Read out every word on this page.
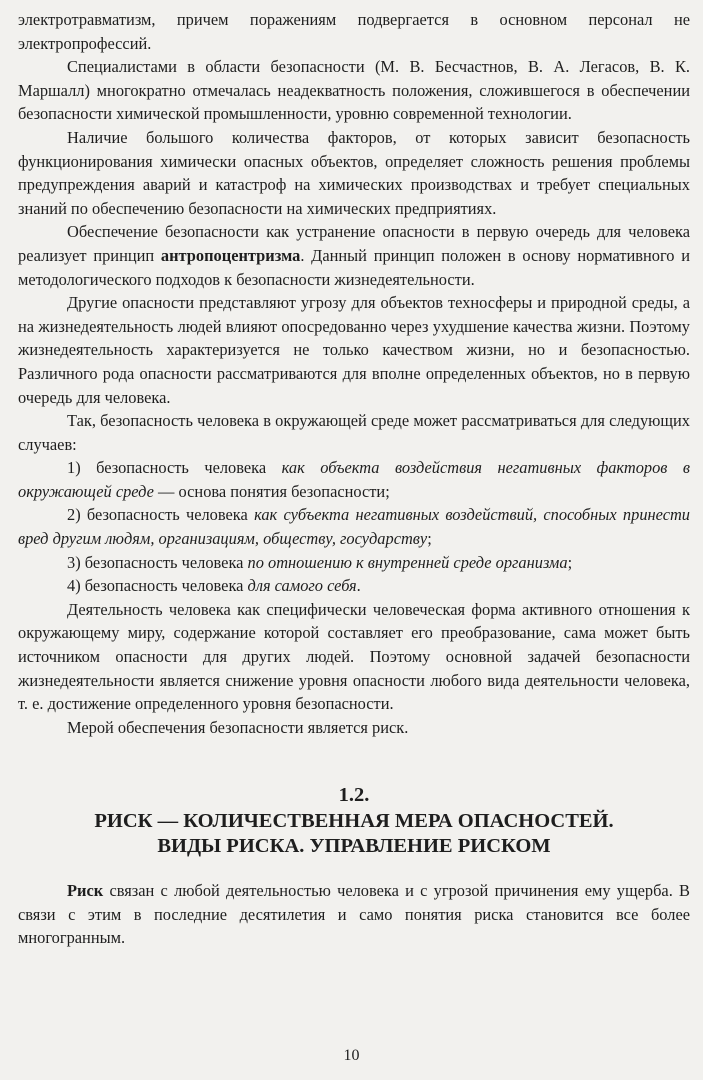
электротравматизм, причем поражениям подвергается в основном персонал не электропрофессий.

Специалистами в области безопасности (М. В. Бесчастнов, В. А. Легасов, В. К. Маршалл) многократно отмечалась неадекватность положения, сложившегося в обеспечении безопасности химической промышленности, уровню современной технологии.

Наличие большого количества факторов, от которых зависит безопасность функционирования химически опасных объектов, определяет сложность решения проблемы предупреждения аварий и катастроф на химических производствах и требует специальных знаний по обеспечению безопасности на химических предприятиях.

Обеспечение безопасности как устранение опасности в первую очередь для человека реализует принцип антропоцентризма. Данный принцип положен в основу нормативного и методологического подходов к безопасности жизнедеятельности.

Другие опасности представляют угрозу для объектов техносферы и природной среды, а на жизнедеятельность людей влияют опосредованно через ухудшение качества жизни. Поэтому жизнедеятельность характеризуется не только качеством жизни, но и безопасностью. Различного рода опасности рассматриваются для вполне определенных объектов, но в первую очередь для человека.

Так, безопасность человека в окружающей среде может рассматриваться для следующих случаев:

1) безопасность человека как объекта воздействия негативных факторов в окружающей среде — основа понятия безопасности;

2) безопасность человека как субъекта негативных воздействий, способных принести вред другим людям, организациям, обществу, государству;

3) безопасность человека по отношению к внутренней среде организма;

4) безопасность человека для самого себя.

Деятельность человека как специфически человеческая форма активного отношения к окружающему миру, содержание которой составляет его преобразование, сама может быть источником опасности для других людей. Поэтому основной задачей безопасности жизнедеятельности является снижение уровня опасности любого вида деятельности человека, т. е. достижение определенного уровня безопасности.

Мерой обеспечения безопасности является риск.

1.2.

РИСК — КОЛИЧЕСТВЕННАЯ МЕРА ОПАСНОСТЕЙ.

ВИДЫ РИСКА. УПРАВЛЕНИЕ РИСКОМ

Риск связан с любой деятельностью человека и с угрозой причинения ему ущерба. В связи с этим в последние десятилетия и само понятия риска становится все более многогранным.

10
